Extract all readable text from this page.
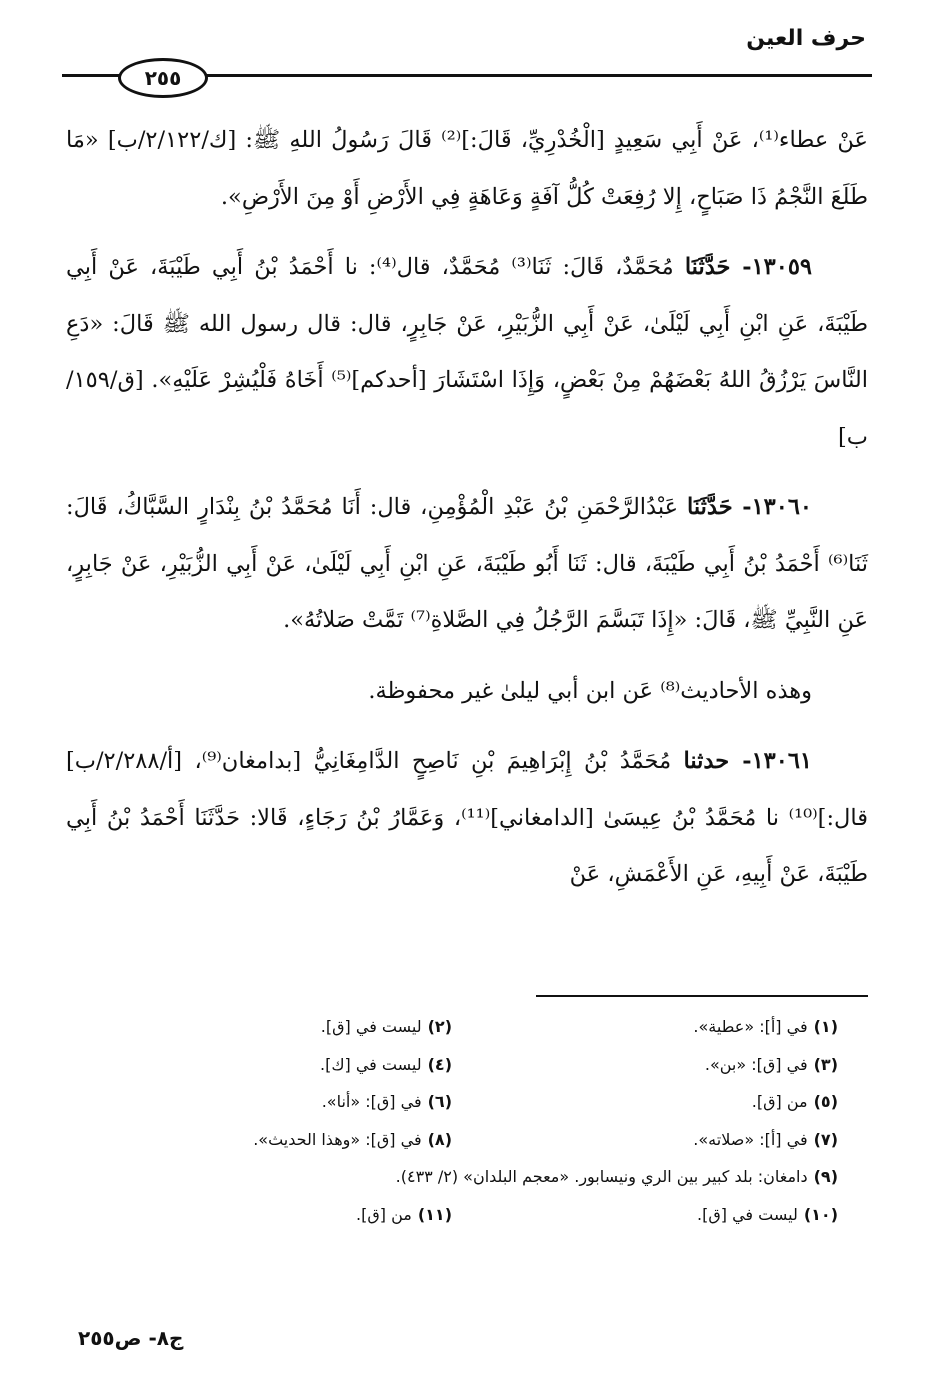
حرف العين
٢٥٥

عَنْ عطاء⁽¹⁾، عَنْ أَبِي سَعِيدٍ [الْخُدْرِيِّ، قَالَ:]⁽²⁾ قَالَ رَسُولُ اللهِ ﷺ: [ك/٢/١٢٢/ب] «مَا طَلَعَ النَّجْمُ ذَا صَبَاحٍ، إِلا رُفِعَتْ كُلُّ آفَةٍ وَعَاهَةٍ فِي الأَرْضِ أَوْ مِنَ الأَرْضِ».

١٣٠٥٩- حَدَّثَنَا مُحَمَّدٌ، قَالَ: ثَنَا⁽³⁾ مُحَمَّدٌ، قال⁽⁴⁾: نا أَحْمَدُ بْنُ أَبِي طَيْبَةَ، عَنْ أَبِي طَيْبَةَ، عَنِ ابْنِ أَبِي لَيْلَىٰ، عَنْ أَبِي الزُّبَيْرِ، عَنْ جَابِرٍ، قال: قال رسول الله ﷺ قَالَ: «دَعِ النَّاسَ يَرْزُقُ اللهُ بَعْضَهُمْ مِنْ بَعْضٍ، وَإِذَا اسْتَشَارَ [أحدكم]⁽⁵⁾ أَخَاهُ فَلْيُشِرْ عَلَيْهِ». [ق/١٥٩/ب]

١٣٠٦٠- حَدَّثَنَا عَبْدُالرَّحْمَنِ بْنُ عَبْدِ الْمُؤْمِنِ، قال: أَنَا مُحَمَّدُ بْنُ بِنْدَارٍ السَّبَّاكُ، قَالَ: ثَنَا⁽⁶⁾ أَحْمَدُ بْنُ أَبِي طَيْبَةَ، قال: ثَنَا أَبُو طَيْبَةَ، عَنِ ابْنِ أَبِي لَيْلَىٰ، عَنْ أَبِي الزُّبَيْرِ، عَنْ جَابِرٍ، عَنِ النَّبِيِّ ﷺ، قَالَ: «إِذَا تَبَسَّمَ الرَّجُلُ فِي الصَّلاةِ⁽⁷⁾ تَمَّتْ صَلاتُهُ».

وهذه الأحاديث⁽⁸⁾ عَن ابن أبي ليلىٰ غير محفوظة.

١٣٠٦١- حدثنا مُحَمَّدُ بْنُ إِبْرَاهِيمَ بْنِ نَاصِحٍ الدَّامِغَانِيُّ [بدامغان⁽⁹⁾، [أ/٢/٢٨٨/ب] قال:]⁽¹⁰⁾ نا مُحَمَّدُ بْنُ عِيسَىٰ [الدامغاني]⁽¹¹⁾، وَعَمَّارُ بْنُ رَجَاءٍ، قَالا: حَدَّثَنَا أَحْمَدُ بْنُ أَبِي طَيْبَةَ، عَنْ أَبِيهِ، عَنِ الأَعْمَشِ، عَنْ

(١)في [أ]: «عطية».
(٢)ليست في [ق].
(٣)في [ق]: «بن».
(٤)ليست في [ك].
(٥)من [ق].
(٦)في [ق]: «أنا».
(٧)في [أ]: «صلاته».
(٨)في [ق]: «وهذا الحديث».
(٩)دامغان: بلد كبير بين الري ونيسابور. «معجم البلدان» (٢/ ٤٣٣).
(١٠)ليست في [ق].
(١١)من [ق].
ج٨- ص٢٥٥
